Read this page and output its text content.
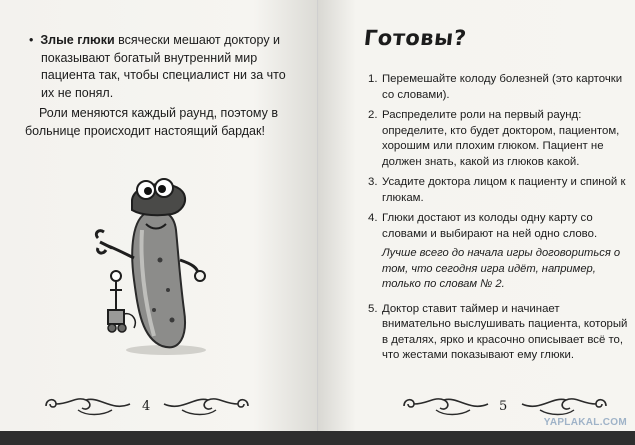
•  Злые глюки всячески мешают доктору и показывают богатый внутренний мир пациента так, чтобы специалист ни за что их не понял.

Роли меняются каждый раунд, поэтому в больнице происходит настоящий бардак!

4
Готовы?
1. Перемешайте колоду болезней (это карточки со словами).
2. Распределите роли на первый раунд: определите, кто будет доктором, пациентом, хорошим или плохим глюком. Пациент не должен знать, какой из глюков какой.
3. Усадите доктора лицом к пациенту и спиной к глюкам.
4. Глюки достают из колоды одну карту со словами и выбирают на ней одно слово.
Лучше всего до начала игры договориться о том, что сегодня игра идёт, например, только по словам № 2.
5. Доктор ставит таймер и начинает внимательно выслушивать пациента, который в деталях, ярко и красочно описывает всё то, что жестами показывают ему глюки.
5
YAPLAKAL.COM
